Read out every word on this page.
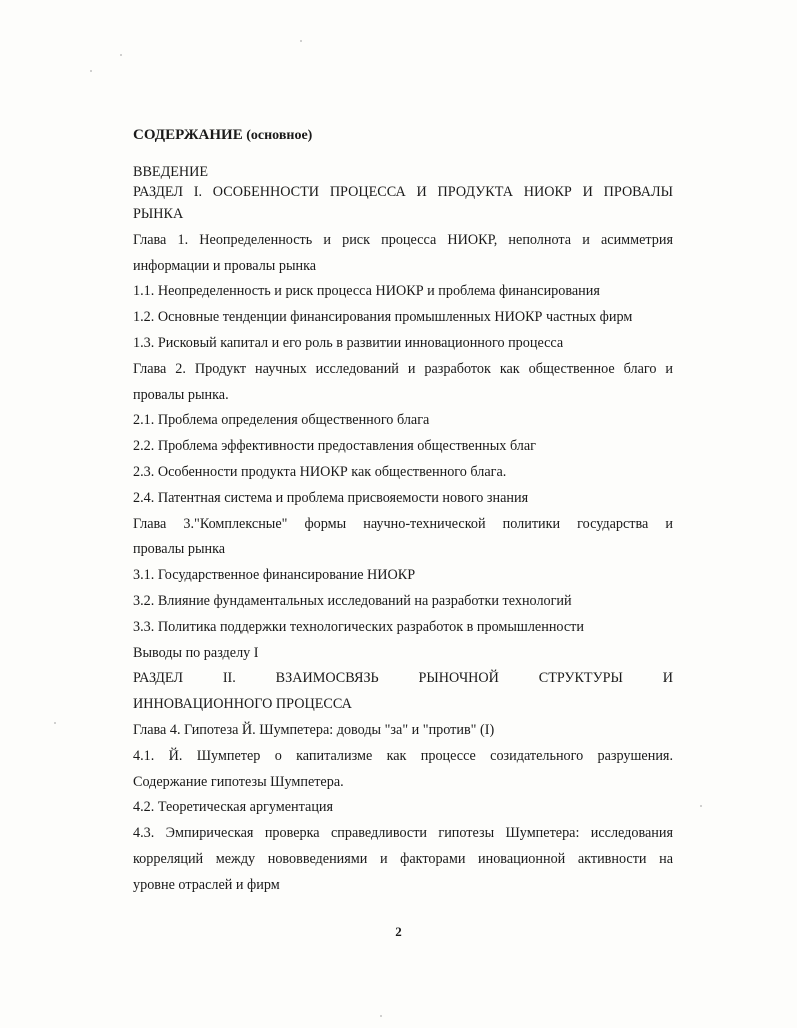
СОДЕРЖАНИЕ (основное)

ВВЕДЕНИЕ

РАЗДЕЛ I. ОСОБЕННОСТИ ПРОЦЕССА И ПРОДУКТА НИОКР И ПРОВАЛЫ

РЫНКА

Глава 1. Неопределенность и риск процесса НИОКР, неполнота и асимметрия

информации и провалы рынка

1.1. Неопределенность и риск процесса НИОКР и проблема финансирования

1.2. Основные тенденции финансирования промышленных НИОКР частных фирм

1.3. Рисковый капитал и его роль в развитии инновационного процесса

Глава 2. Продукт научных исследований и разработок как общественное благо и

провалы рынка.

2.1. Проблема определения общественного блага

2.2. Проблема эффективности предоставления общественных благ

2.3. Особенности продукта НИОКР как общественного блага.

2.4. Патентная система и проблема присвояемости нового знания

Глава 3."Комплексные" формы научно-технической политики государства и

провалы рынка

3.1. Государственное финансирование НИОКР

3.2. Влияние фундаментальных исследований на разработки технологий

3.3. Политика поддержки технологических разработок в промышленности

Выводы по разделу I

РАЗДЕЛ II. ВЗАИМОСВЯЗЬ РЫНОЧНОЙ СТРУКТУРЫ И

ИННОВАЦИОННОГО ПРОЦЕССА

Глава 4. Гипотеза Й. Шумпетера: доводы "за" и "против" (I)

4.1. Й. Шумпетер о капитализме как процессе созидательного разрушения.

Содержание гипотезы Шумпетера.

4.2. Теоретическая аргументация

4.3. Эмпирическая проверка справедливости гипотезы Шумпетера: исследования

корреляций между нововведениями и факторами иновационной активности на

уровне отраслей и фирм

2
